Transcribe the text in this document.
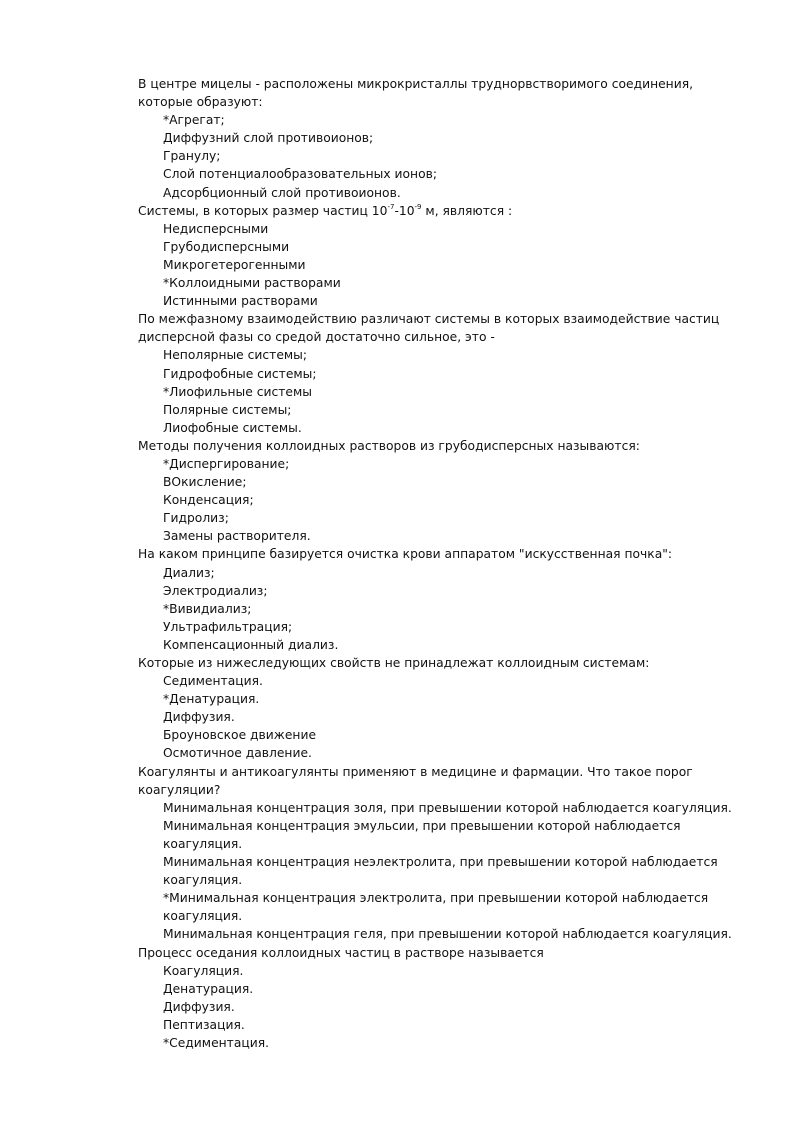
В центре мицелы - расположены микрокристаллы труднорвстворимого соединения, которые образуют:

*Агрегат;

Диффузний слой противоионов;

Гранулу;

Слой потенциалообразовательных ионов;

Адсорбционный слой противоионов.

Системы, в которых размер частиц $10^{-7}-10^{-9}$ м, являются :

Недисперсными

Грубодисперсными

Микрогетерогенными

*Коллоидными растворами

Истинными растворами

По межфазному взаимодействию различают системы в которых взаимодействие частиц дисперсной фазы со средой достаточно сильное, это -

Неполярные системы;

Гидрофобные системы;

*Лиофильные системы

Полярные системы;

Лиофобные системы.

Методы получения коллоидных растворов из грубодисперсных называются:

*Диспергирование;

ВОкисление;

Конденсация;

Гидролиз;

Замены растворителя.

На каком принципе базируется очистка крови аппаратом "искусственная почка":

Диализ;

Электродиализ;

*Вивидиализ;

Ультрафильтрация;

Компенсационный диализ.

Которые из нижеследующих свойств не принадлежат коллоидным системам:

Седиментация.

*Денатурация.

Диффузия.

Броуновское движение

Осмотичное давление.

Коагулянты и антикоагулянты применяют в медицине и фармации. Что такое порог коагуляции?

Минимальная концентрация золя, при превышении которой наблюдается коагуляция.

Минимальная концентрация эмульсии, при превышении которой наблюдается коагуляция.

Минимальная концентрация неэлектролита, при превышении которой наблюдается коагуляция.

*Минимальная концентрация электролита, при превышении которой наблюдается коагуляция.

Минимальная концентрация геля, при превышении которой наблюдается коагуляция.

Процесс оседания коллоидных частиц в растворе называется

Коагуляция.

Денатурация.

Диффузия.

Пептизация.

*Седиментация.
